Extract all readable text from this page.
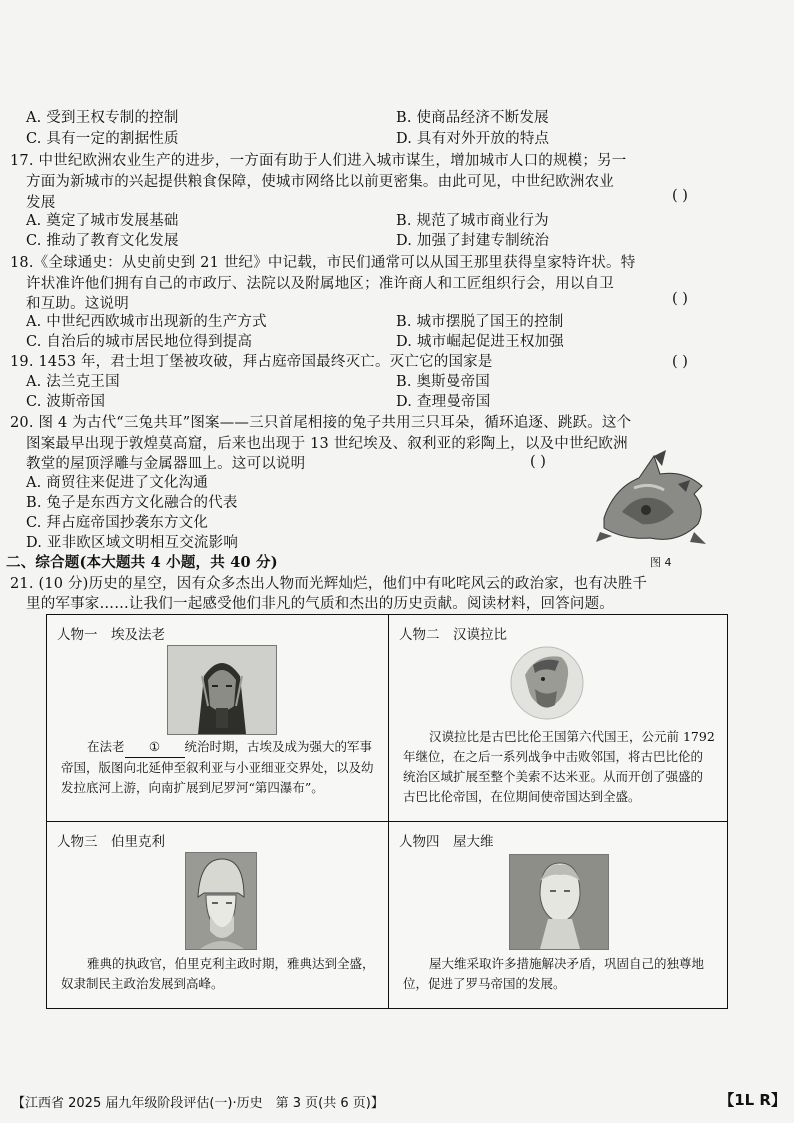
A. 受到王权专制的控制	B. 使商品经济不断发展
C. 具有一定的割据性质	D. 具有对外开放的特点
17. 中世纪欧洲农业生产的进步，一方面有助于人们进入城市谋生，增加城市人口的规模；另一
方面为新城市的兴起提供粮食保障，使城市网络比以前更密集。由此可见，中世纪欧洲农业
发展	( )
A. 奠定了城市发展基础	B. 规范了城市商业行为
C. 推动了教育文化发展	D. 加强了封建专制统治
18.《全球通史：从史前史到 21 世纪》中记载，市民们通常可以从国王那里获得皇家特许状。特
许状准许他们拥有自己的市政厅、法院以及附属地区；准许商人和工匠组织行会，用以自卫
和互助。这说明	( )
A. 中世纪西欧城市出现新的生产方式	B. 城市摆脱了国王的控制
C. 自治后的城市居民地位得到提高	D. 城市崛起促进王权加强
19. 1453 年，君士坦丁堡被攻破，拜占庭帝国最终灭亡。灭亡它的国家是	( )
A. 法兰克王国	B. 奥斯曼帝国
C. 波斯帝国	D. 查理曼帝国
20. 图 4 为古代“三兔共耳”图案——三只首尾相接的兔子共用三只耳朵，循环追逐、跳跃。这个
图案最早出现于敦煌莫高窟，后来也出现于 13 世纪埃及、叙利亚的彩陶上，以及中世纪欧洲
教堂的屋顶浮雕与金属器皿上。这可以说明	( )
A. 商贸往来促进了文化沟通
B. 兔子是东西方文化融合的代表
C. 拜占庭帝国抄袭东方文化
D. 亚非欧区域文明相互交流影响
图 4
二、综合题(本大题共 4 小题，共 40 分)
21. (10 分)历史的星空，因有众多杰出人物而光辉灿烂，他们中有叱咤风云的政治家，也有决胜千
里的军事家……让我们一起感受他们非凡的气质和杰出的历史贡献。阅读材料，回答问题。
人物一　埃及法老
在法老 ① 统治时期，古埃及成为强大的军事帝国，版图向北延伸至叙利亚与小亚细亚交界处，以及幼发拉底河上游，向南扩展到尼罗河“第四瀑布”。
人物二　汉谟拉比
汉谟拉比是古巴比伦王国第六代国王，公元前 1792 年继位，在之后一系列战争中击败邻国，将古巴比伦的统治区域扩展至整个美索不达米亚。从而开创了强盛的古巴比伦帝国，在位期间使帝国达到全盛。
人物三　伯里克利
雅典的执政官，伯里克利主政时期，雅典达到全盛，奴隶制民主政治发展到高峰。
人物四　屋大维
屋大维采取许多措施解决矛盾，巩固自己的独尊地位，促进了罗马帝国的发展。
【江西省 2025 届九年级阶段评估(一)·历史　第 3 页(共 6 页)】	【1L R】
